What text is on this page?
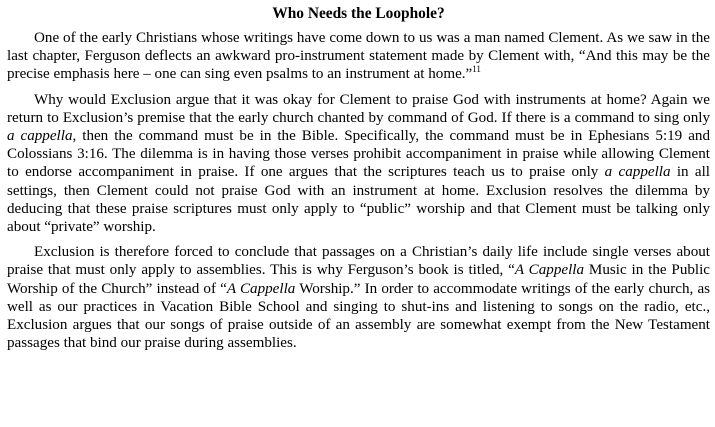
Who Needs the Loophole?

One of the early Christians whose writings have come down to us was a man named Clement. As we saw in the last chapter, Ferguson deflects an awkward pro-instrument statement made by Clement with, “And this may be the precise emphasis here – one can sing even psalms to an instrument at home.”$^{11}$

Why would Exclusion argue that it was okay for Clement to praise God with instruments at home? Again we return to Exclusion’s premise that the early church chanted by command of God. If there is a command to sing only a cappella, then the command must be in the Bible. Specifically, the command must be in Ephesians 5:19 and Colossians 3:16. The dilemma is in having those verses prohibit accompaniment in praise while allowing Clement to endorse accompaniment in praise. If one argues that the scriptures teach us to praise only a cappella in all settings, then Clement could not praise God with an instrument at home. Exclusion resolves the dilemma by deducing that these praise scriptures must only apply to “public” worship and that Clement must be talking only about “private” worship.

Exclusion is therefore forced to conclude that passages on a Christian’s daily life include single verses about praise that must only apply to assemblies. This is why Ferguson’s book is titled, “A Cappella Music in the Public Worship of the Church” instead of “A Cappella Worship.” In order to accommodate writings of the early church, as well as our practices in Vacation Bible School and singing to shut-ins and listening to songs on the radio, etc., Exclusion argues that our songs of praise outside of an assembly are somewhat exempt from the New Testament passages that bind our praise during assemblies.
